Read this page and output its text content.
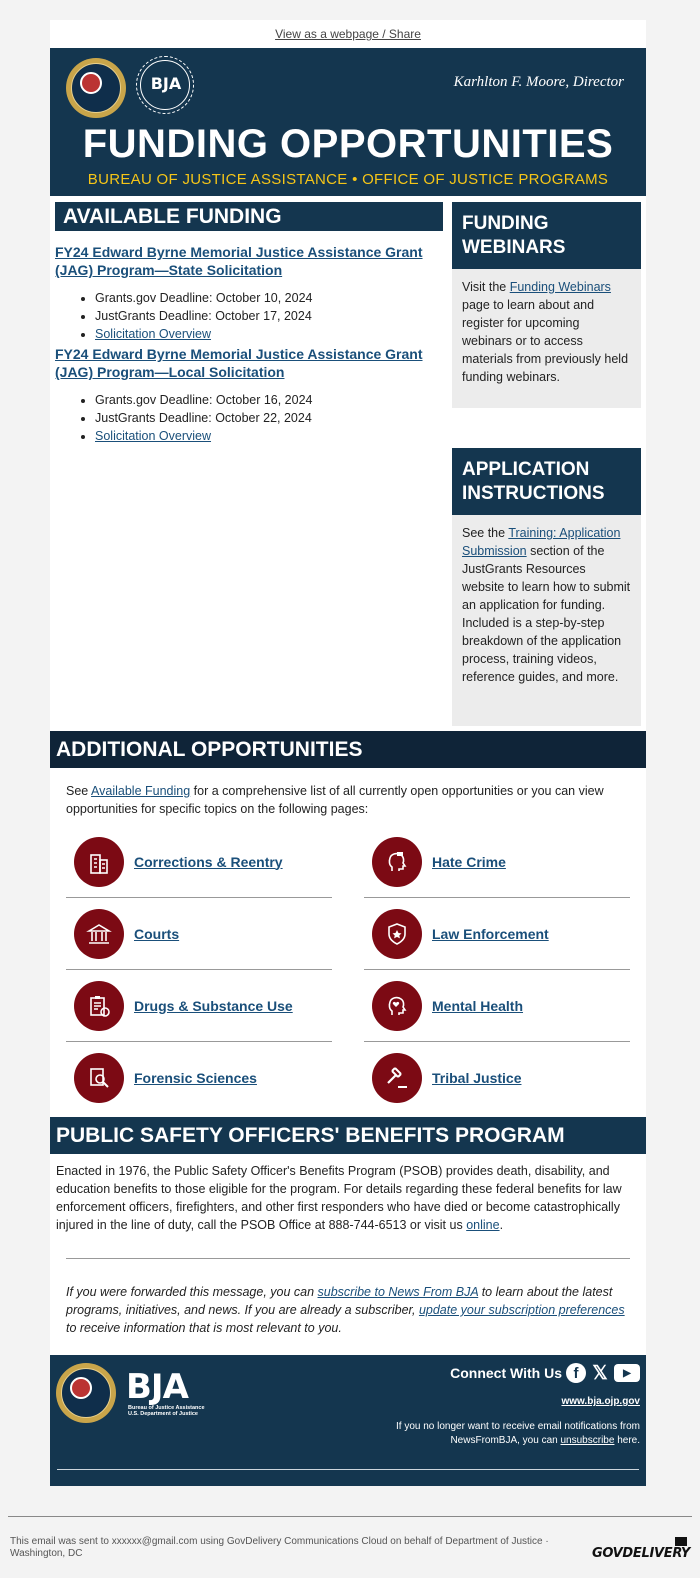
View as a webpage / Share
BJA	Karhlton F. Moore, Director
FUNDING OPPORTUNITIES
BUREAU OF JUSTICE ASSISTANCE • OFFICE OF JUSTICE PROGRAMS
AVAILABLE FUNDING
FY24 Edward Byrne Memorial Justice Assistance Grant (JAG) Program—State Solicitation
• Grants.gov Deadline: October 10, 2024
• JustGrants Deadline: October 17, 2024
• Solicitation Overview
FY24 Edward Byrne Memorial Justice Assistance Grant (JAG) Program—Local Solicitation
• Grants.gov Deadline: October 16, 2024
• JustGrants Deadline: October 22, 2024
• Solicitation Overview
FUNDING WEBINARS
Visit the Funding Webinars page to learn about and register for upcoming webinars or to access materials from previously held funding webinars.
APPLICATION INSTRUCTIONS
See the Training: Application Submission section of the JustGrants Resources website to learn how to submit an application for funding. Included is a step-by-step breakdown of the application process, training videos, reference guides, and more.
ADDITIONAL OPPORTUNITIES
See Available Funding for a comprehensive list of all currently open opportunities or you can view opportunities for specific topics on the following pages:
Corrections & Reentry	Hate Crime
Courts	Law Enforcement
Drugs & Substance Use	Mental Health
Forensic Sciences	Tribal Justice
PUBLIC SAFETY OFFICERS' BENEFITS PROGRAM
Enacted in 1976, the Public Safety Officer's Benefits Program (PSOB) provides death, disability, and education benefits to those eligible for the program. For details regarding these federal benefits for law enforcement officers, firefighters, and other first responders who have died or become catastrophically injured in the line of duty, call the PSOB Office at 888-744-6513 or visit us online.
If you were forwarded this message, you can subscribe to News From BJA to learn about the latest programs, initiatives, and news. If you are already a subscriber, update your subscription preferences to receive information that is most relevant to you.
BJA
Bureau of Justice Assistance
U.S. Department of Justice
Connect With Us f 𝕏	▶
www.bja.ojp.gov
If you no longer want to receive email notifications from NewsFromBJA, you can unsubscribe here.
This email was sent to xxxxxx@gmail.com using GovDelivery Communications Cloud on behalf of Department of Justice · Washington, DC	GOVDELIVERY
